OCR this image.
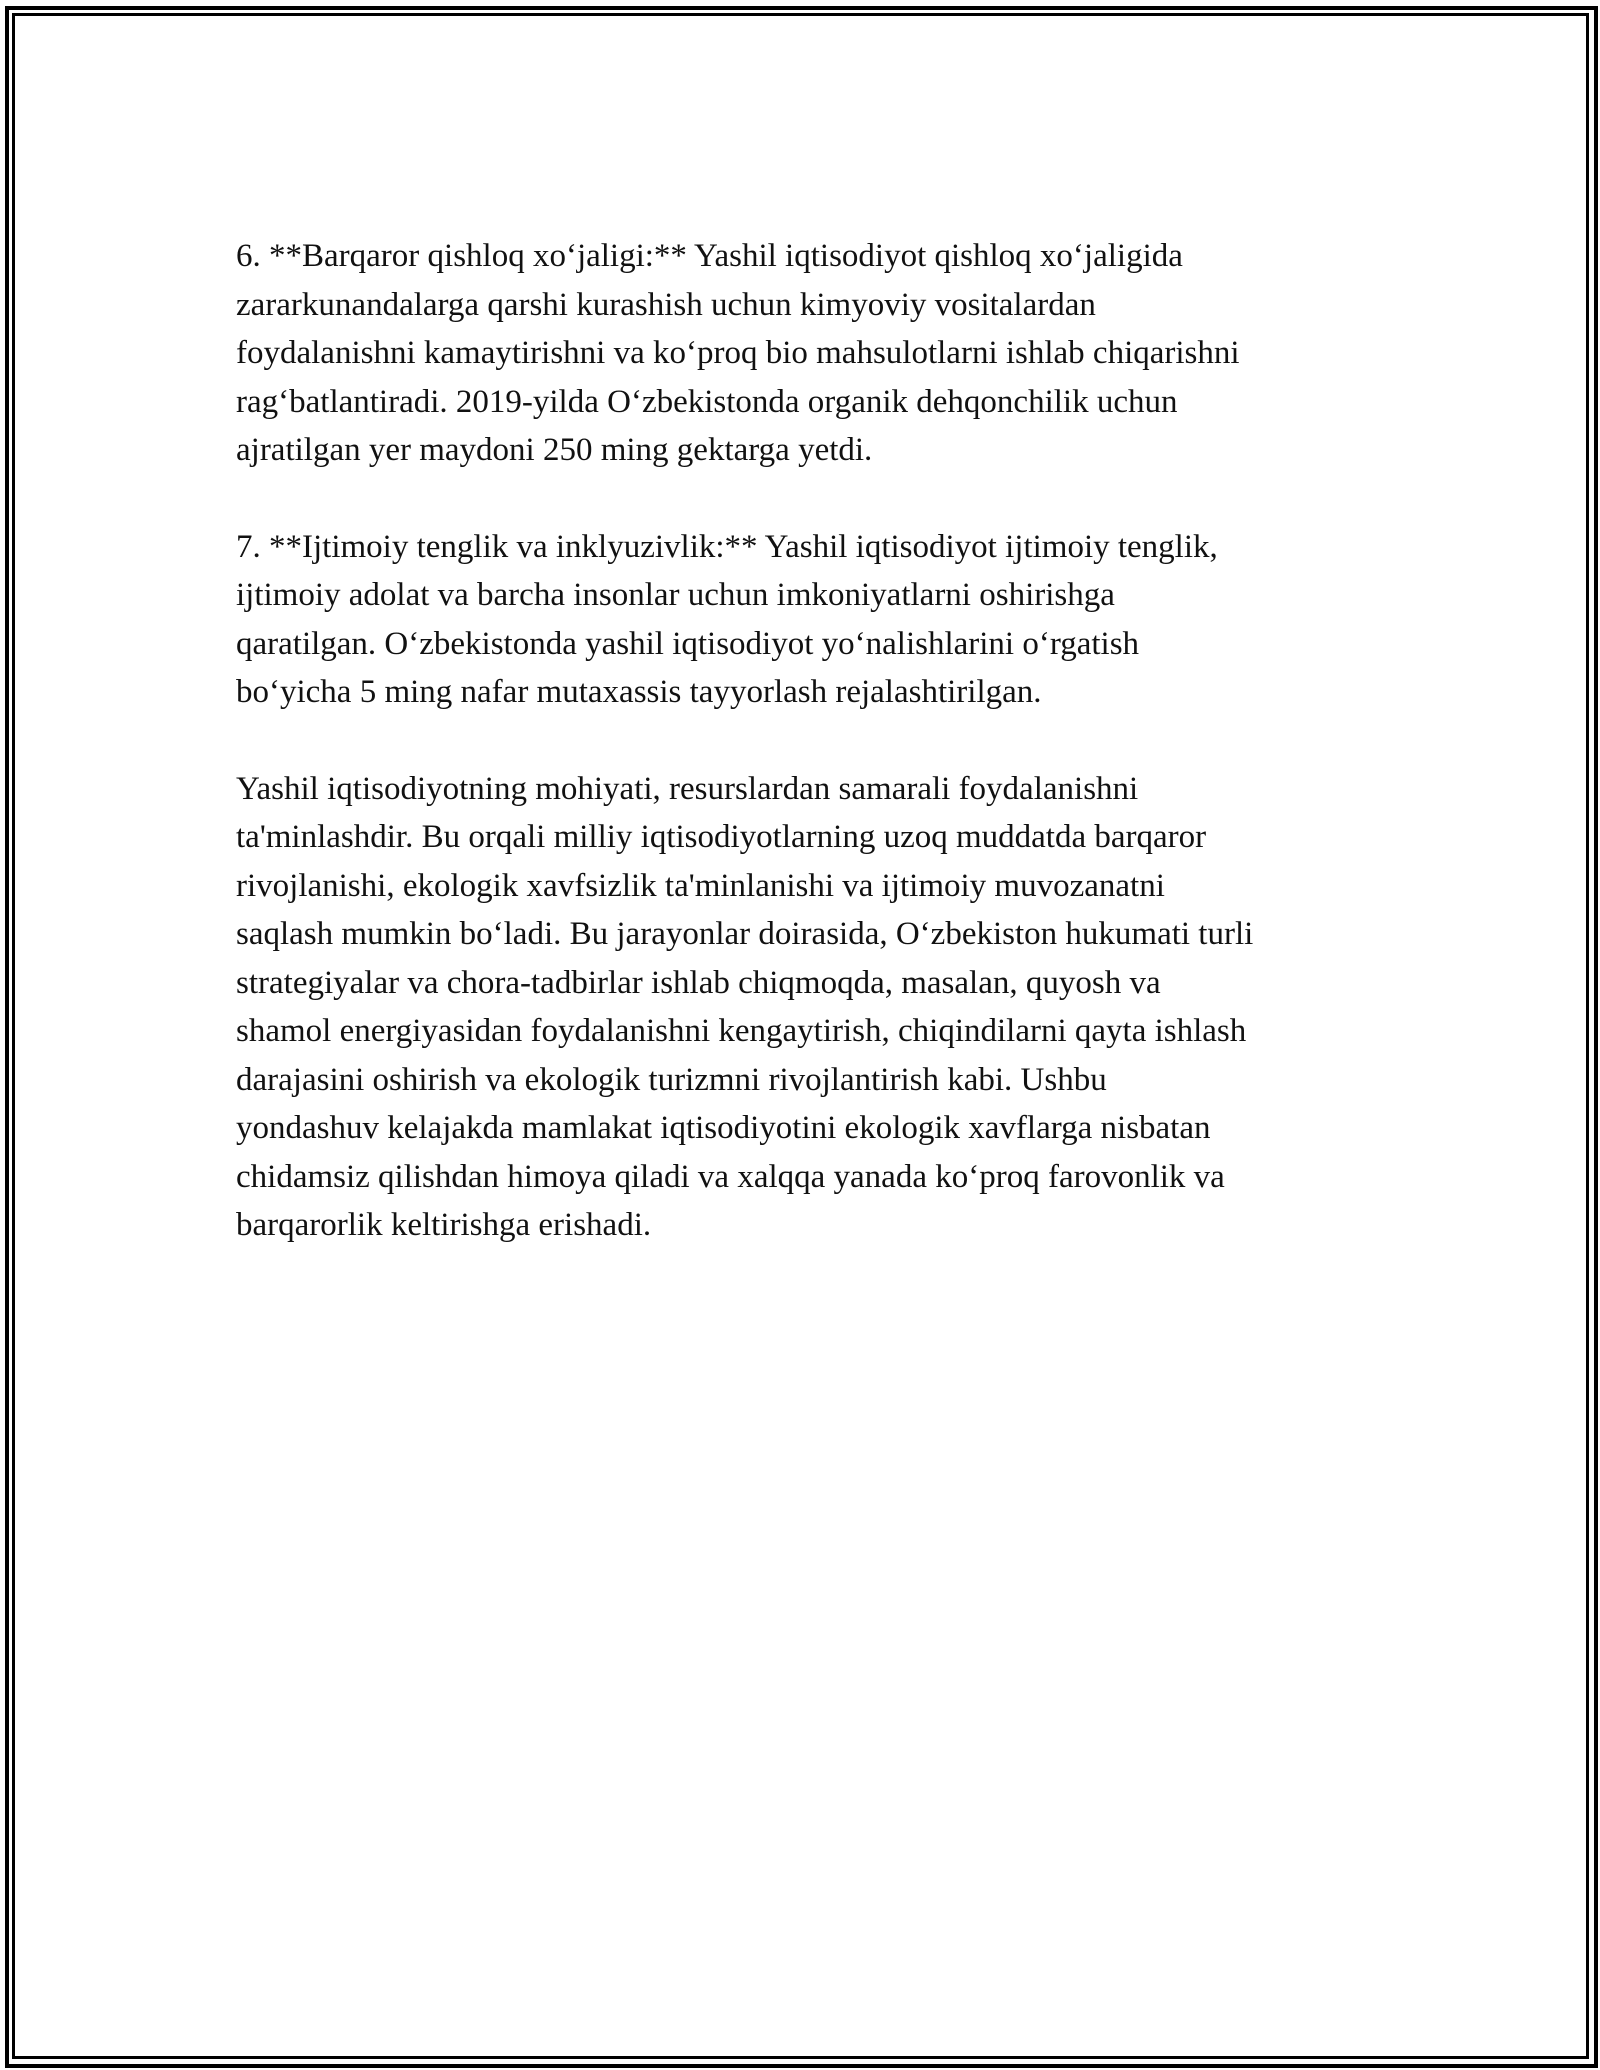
6. **Barqaror qishloq xo‘jaligi:** Yashil iqtisodiyot qishloq xo‘jaligida
zararkunandalarga qarshi kurashish uchun kimyoviy vositalardan
foydalanishni kamaytirishni va ko‘proq bio mahsulotlarni ishlab chiqarishni
rag‘batlantiradi. 2019-yilda O‘zbekistonda organik dehqonchilik uchun
ajratilgan yer maydoni 250 ming gektarga yetdi.

7. **Ijtimoiy tenglik va inklyuzivlik:** Yashil iqtisodiyot ijtimoiy tenglik,
ijtimoiy adolat va barcha insonlar uchun imkoniyatlarni oshirishga
qaratilgan. O‘zbekistonda yashil iqtisodiyot yo‘nalishlarini o‘rgatish
bo‘yicha 5 ming nafar mutaxassis tayyorlash rejalashtirilgan.

Yashil iqtisodiyotning mohiyati, resurslardan samarali foydalanishni
ta'minlashdir. Bu orqali milliy iqtisodiyotlarning uzoq muddatda barqaror
rivojlanishi, ekologik xavfsizlik ta'minlanishi va ijtimoiy muvozanatni
saqlash mumkin bo‘ladi. Bu jarayonlar doirasida, O‘zbekiston hukumati turli
strategiyalar va chora-tadbirlar ishlab chiqmoqda, masalan, quyosh va
shamol energiyasidan foydalanishni kengaytirish, chiqindilarni qayta ishlash
darajasini oshirish va ekologik turizmni rivojlantirish kabi. Ushbu
yondashuv kelajakda mamlakat iqtisodiyotini ekologik xavflarga nisbatan
chidamsiz qilishdan himoya qiladi va xalqqa yanada ko‘proq farovonlik va
barqarorlik keltirishga erishadi.
